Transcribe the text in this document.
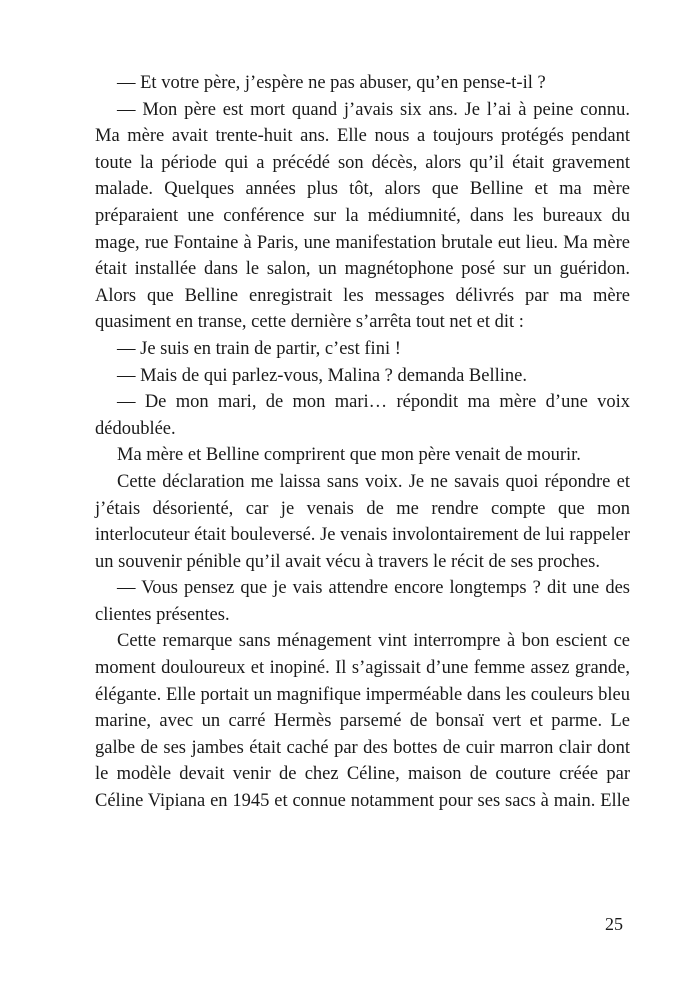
— Et votre père, j’espère ne pas abuser, qu’en pense-t-il ?

— Mon père est mort quand j’avais six ans. Je l’ai à peine connu. Ma mère avait trente-huit ans. Elle nous a toujours protégés pendant toute la période qui a précédé son décès, alors qu’il était gravement malade. Quelques années plus tôt, alors que Belline et ma mère préparaient une conférence sur la médiumnité, dans les bureaux du mage, rue Fontaine à Paris, une manifestation brutale eut lieu. Ma mère était installée dans le salon, un magnétophone posé sur un guéridon. Alors que Belline enregistrait les messages délivrés par ma mère quasiment en transe, cette dernière s’arrêta tout net et dit :

— Je suis en train de partir, c’est fini !

— Mais de qui parlez-vous, Malina ? demanda Belline.

— De mon mari, de mon mari… répondit ma mère d’une voix dédoublée.

Ma mère et Belline comprirent que mon père venait de mourir.

Cette déclaration me laissa sans voix. Je ne savais quoi répondre et j’étais désorienté, car je venais de me rendre compte que mon interlocuteur était bouleversé. Je venais involontairement de lui rappeler un souvenir pénible qu’il avait vécu à travers le récit de ses proches.

— Vous pensez que je vais attendre encore longtemps ? dit une des clientes présentes.

Cette remarque sans ménagement vint interrompre à bon escient ce moment douloureux et inopiné. Il s’agissait d’une femme assez grande, élégante. Elle portait un magnifique imperméable dans les couleurs bleu marine, avec un carré Hermès parsemé de bonsaï vert et parme. Le galbe de ses jambes était caché par des bottes de cuir marron clair dont le modèle devait venir de chez Céline, maison de couture créée par Céline Vipiana en 1945 et connue notamment pour ses sacs à main. Elle

25
